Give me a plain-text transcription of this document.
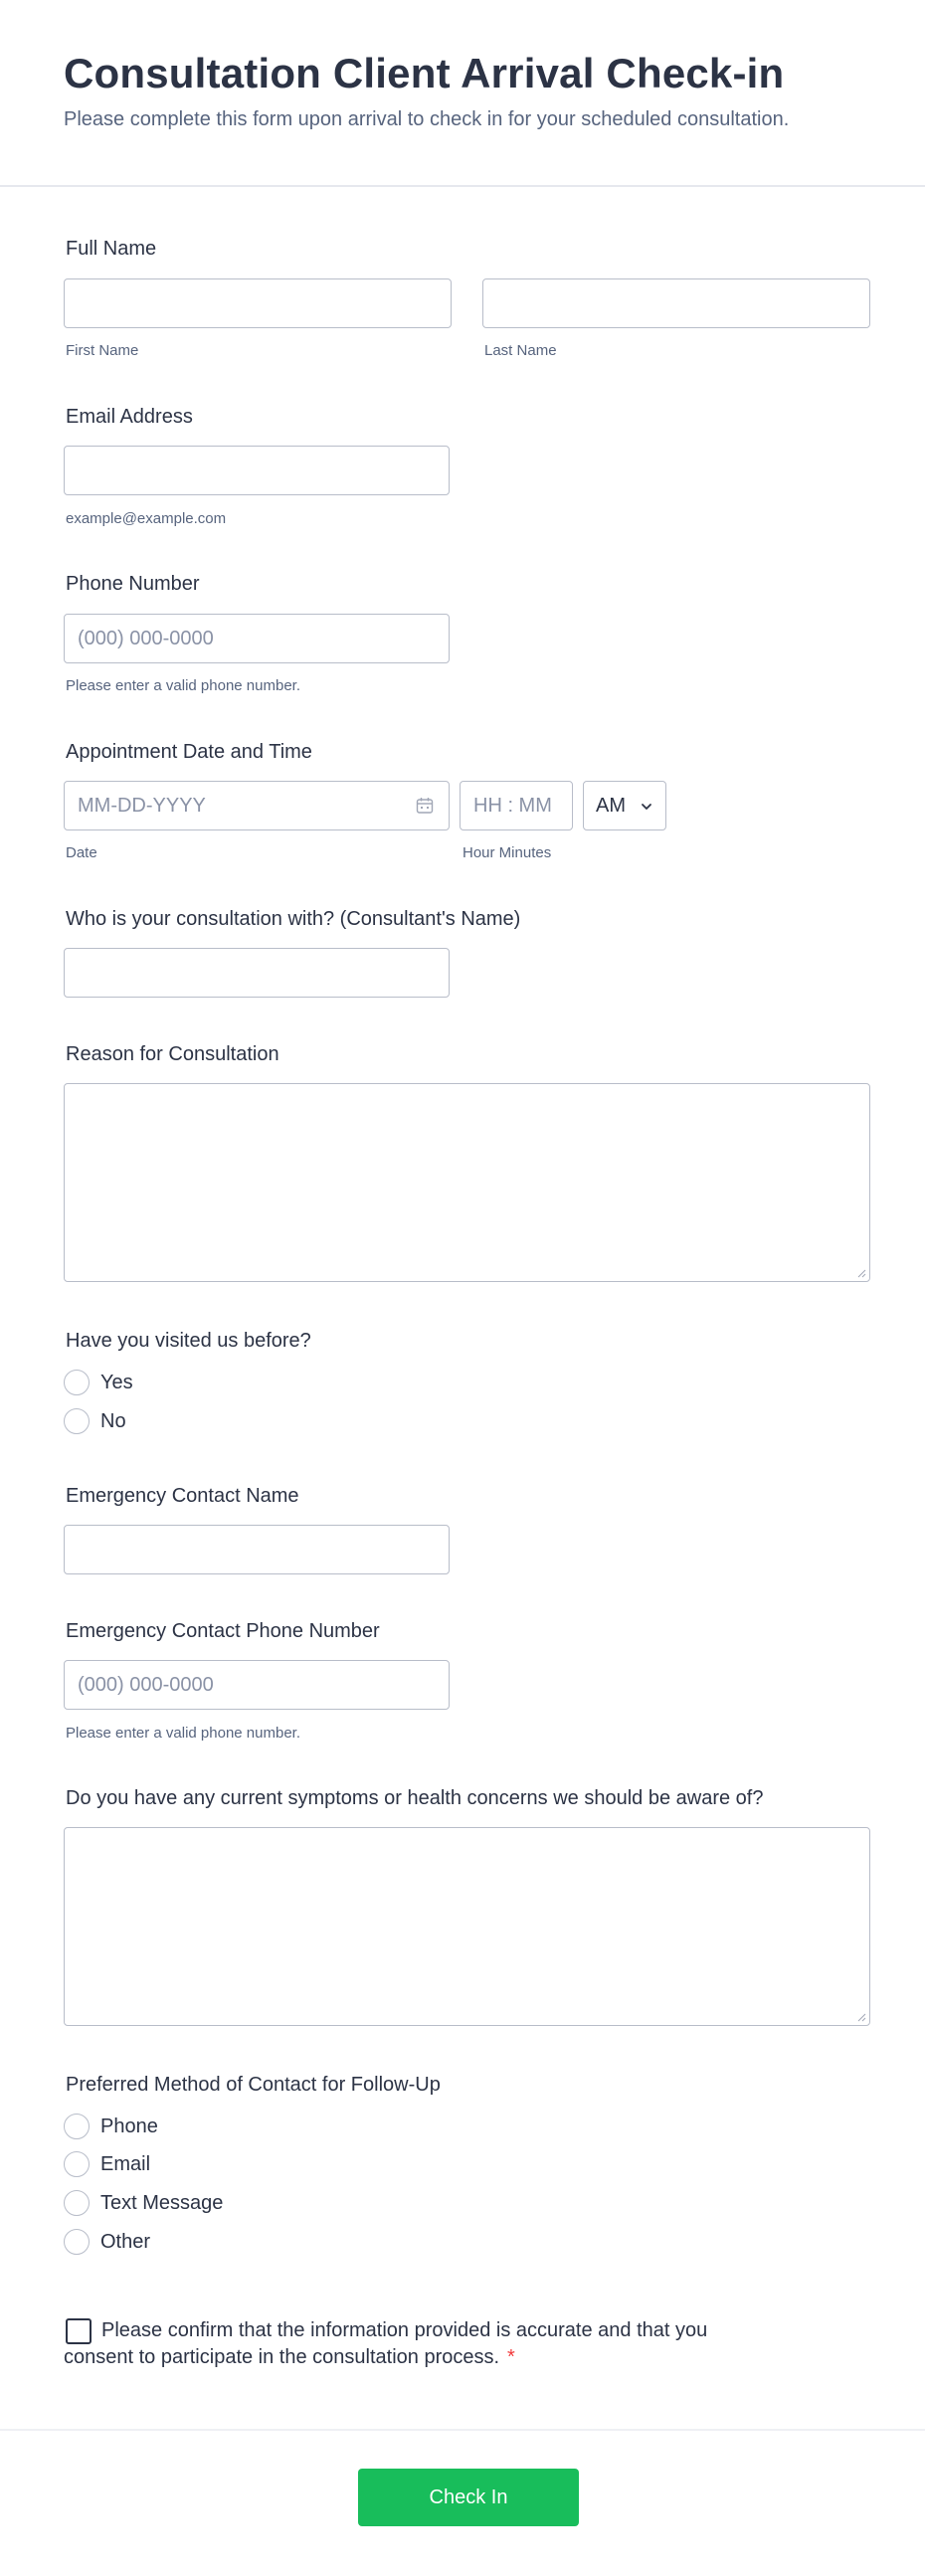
Consultation Client Arrival Check-in
Please complete this form upon arrival to check in for your scheduled consultation.
Full Name
First Name	Last Name
Email Address
example@example.com
Phone Number
(000) 000-0000
Please enter a valid phone number.
Appointment Date and Time
MM-DD-YYYY	HH : MM AM
Date	Hour Minutes
Who is your consultation with? (Consultant's Name)
Reason for Consultation
Have you visited us before?
Yes
No
Emergency Contact Name
Emergency Contact Phone Number
(000) 000-0000
Please enter a valid phone number.
Do you have any current symptoms or health concerns we should be aware of?
Preferred Method of Contact for Follow-Up
Phone
Email
Text Message
Other
Please confirm that the information provided is accurate and that you
consent to participate in the consultation process. *
Check In
